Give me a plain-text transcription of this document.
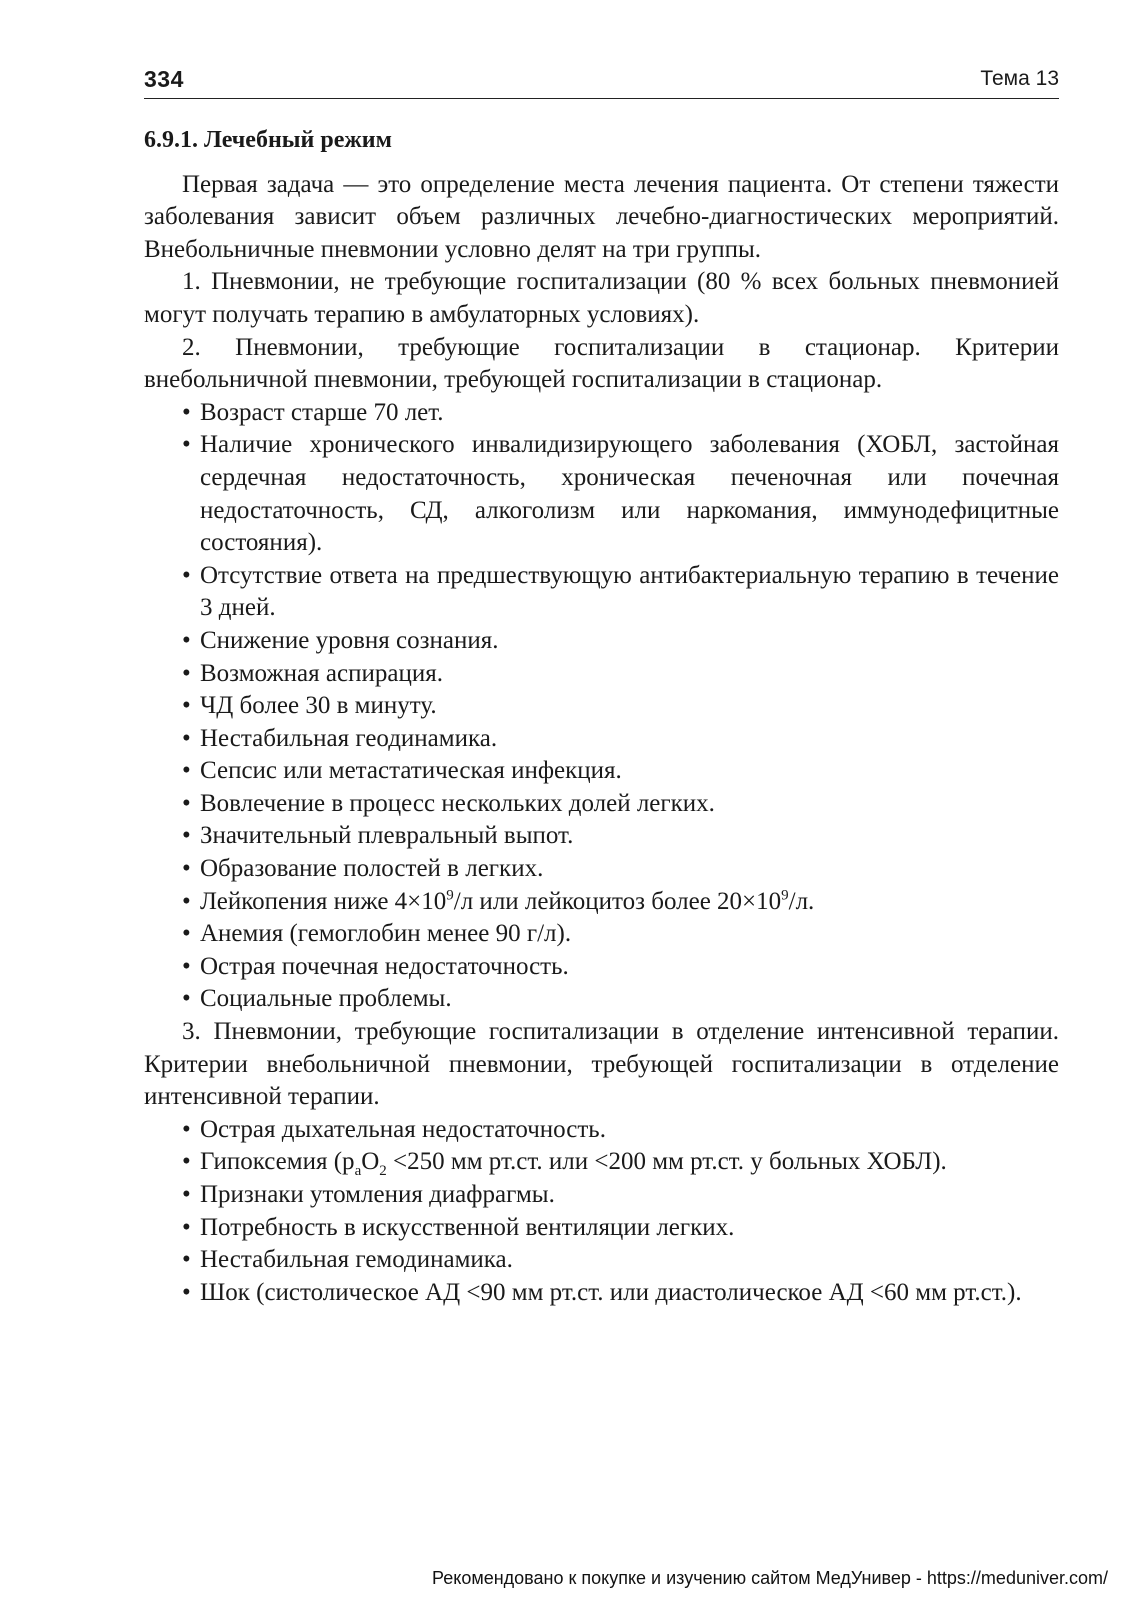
334	Тема 13
6.9.1. Лечебный режим

Первая задача — это определение места лечения пациента. От степени тяжести заболевания зависит объем различных лечебно-диагностических мероприятий. Внебольничные пневмонии условно делят на три группы.

1. Пневмонии, не требующие госпитализации (80 % всех больных пневмонией могут получать терапию в амбулаторных условиях).

2. Пневмонии, требующие госпитализации в стационар. Критерии внебольничной пневмонии, требующей госпитализации в стационар.

• Возраст старше 70 лет.
• Наличие хронического инвалидизирующего заболевания (ХОБЛ, застойная сердечная недостаточность, хроническая печеночная или почечная недостаточность, СД, алкоголизм или наркомания, иммунодефицитные состояния).
• Отсутствие ответа на предшествующую антибактериальную терапию в течение 3 дней.
• Снижение уровня сознания.
• Возможная аспирация.
• ЧД более 30 в минуту.
• Нестабильная геодинамика.
• Сепсис или метастатическая инфекция.
• Вовлечение в процесс нескольких долей легких.
• Значительный плевральный выпот.
• Образование полостей в легких.
• Лейкопения ниже $4\times 10^9/л$ или лейкоцитоз более $20\times 10^9/л$.
• Анемия (гемоглобин менее 90 г/л).
• Острая почечная недостаточность.
• Социальные проблемы.

3. Пневмонии, требующие госпитализации в отделение интенсивной терапии. Критерии внебольничной пневмонии, требующей госпитализации в отделение интенсивной терапии.

• Острая дыхательная недостаточность.
• Гипоксемия ($p_aO_2 <250$ мм рт.ст. или <200 мм рт.ст. у больных ХОБЛ).
• Признаки утомления диафрагмы.
• Потребность в искусственной вентиляции легких.
• Нестабильная гемодинамика.
• Шок (систолическое АД <90 мм рт.ст. или диастолическое АД <60 мм рт.ст.).
Рекомендовано к покупке и изучению сайтом МедУнивер - https://meduniver.com/
